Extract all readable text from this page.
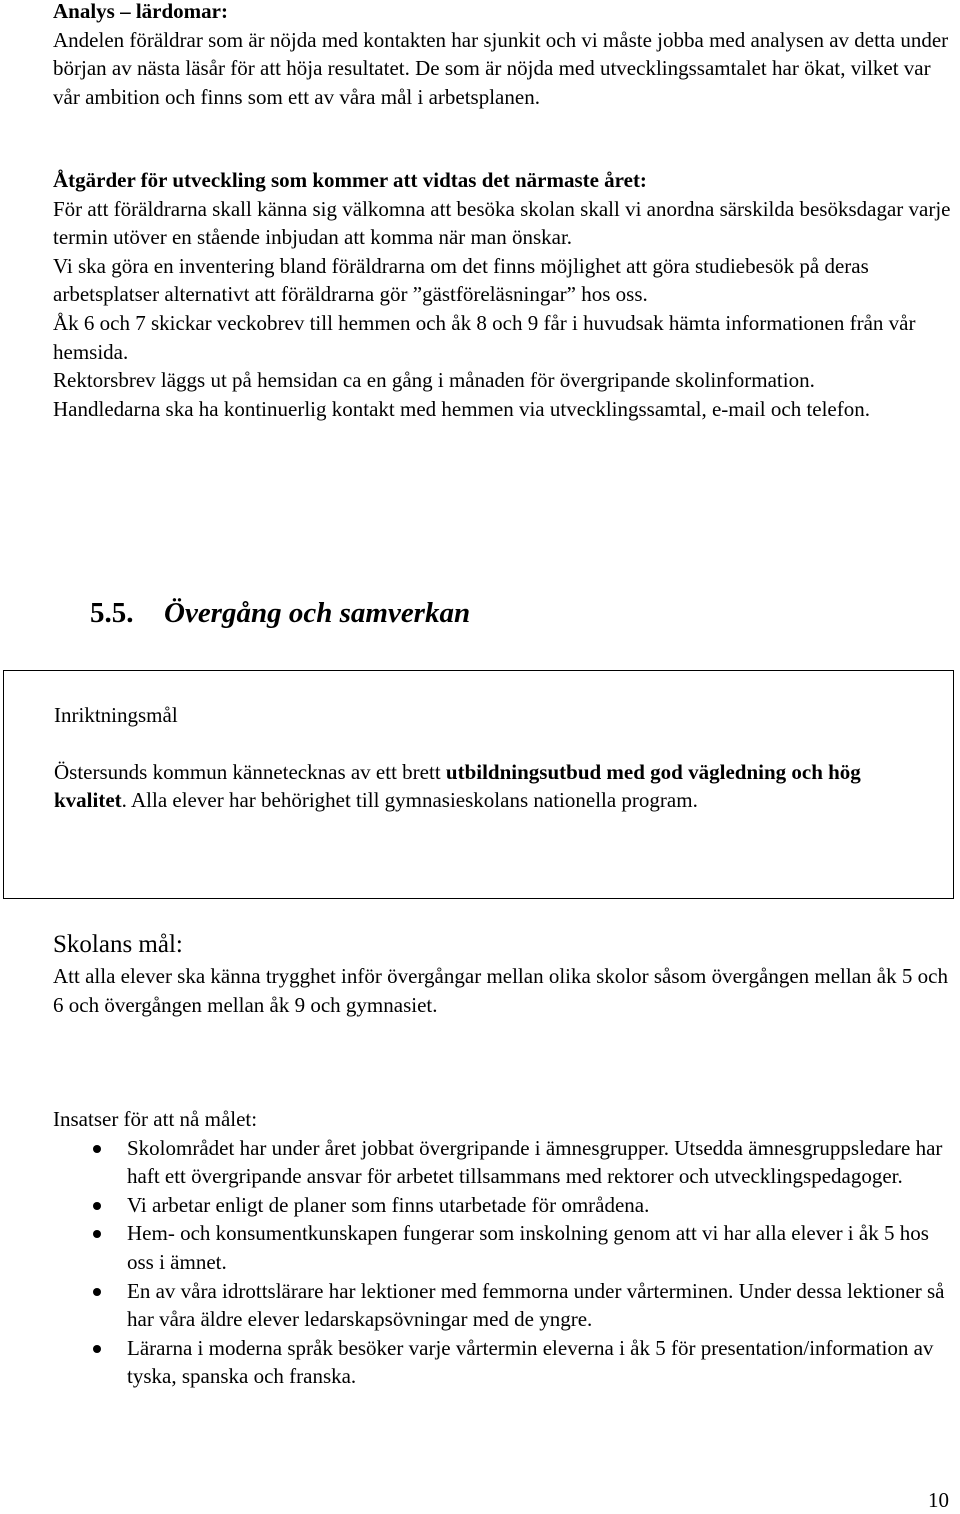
Analys – lärdomar:

Andelen föräldrar som är nöjda med kontakten har sjunkit och vi måste jobba med analysen av detta under början av nästa läsår för att höja resultatet. De som är nöjda med utvecklingssamtalet har ökat, vilket var vår ambition och finns som ett av våra mål i arbetsplanen.

Åtgärder för utveckling som kommer att vidtas det närmaste året:

För att föräldrarna skall känna sig välkomna att besöka skolan skall vi anordna särskilda besöksdagar varje termin utöver en stående inbjudan att komma när man önskar.

Vi ska göra en inventering bland föräldrarna om det finns möjlighet att göra studiebesök på deras arbetsplatser alternativt att föräldrarna gör ”gästföreläsningar” hos oss.

Åk 6 och 7 skickar veckobrev till hemmen och åk 8 och 9 får i huvudsak hämta informationen från vår hemsida.

Rektorsbrev läggs ut på hemsidan ca en gång i månaden för övergripande skolinformation.

Handledarna ska ha kontinuerlig kontakt med hemmen via utvecklingssamtal, e-mail och telefon.

5.5. Övergång och samverkan

Inriktningsmål

Östersunds kommun kännetecknas av ett brett utbildningsutbud med god vägledning och hög kvalitet. Alla elever har behörighet till gymnasieskolans nationella program.

Skolans mål:

Att alla elever ska känna trygghet inför övergångar mellan olika skolor såsom övergången mellan åk 5 och 6 och övergången mellan åk 9 och gymnasiet.

Insatser för att nå målet:

Skolområdet har under året jobbat övergripande i ämnesgrupper. Utsedda ämnesgruppsledare har haft ett övergripande ansvar för arbetet tillsammans med rektorer och utvecklingspedagoger.
Vi arbetar enligt de planer som finns utarbetade för områdena.
Hem- och konsumentkunskapen fungerar som inskolning genom att vi har alla elever i åk 5 hos oss i ämnet.
En av våra idrottslärare har lektioner med femmorna under vårterminen. Under dessa lektioner så har våra äldre elever ledarskapsövningar med de yngre.
Lärarna i moderna språk besöker varje vårtermin eleverna i åk 5 för presentation/information av tyska, spanska och franska.
10
